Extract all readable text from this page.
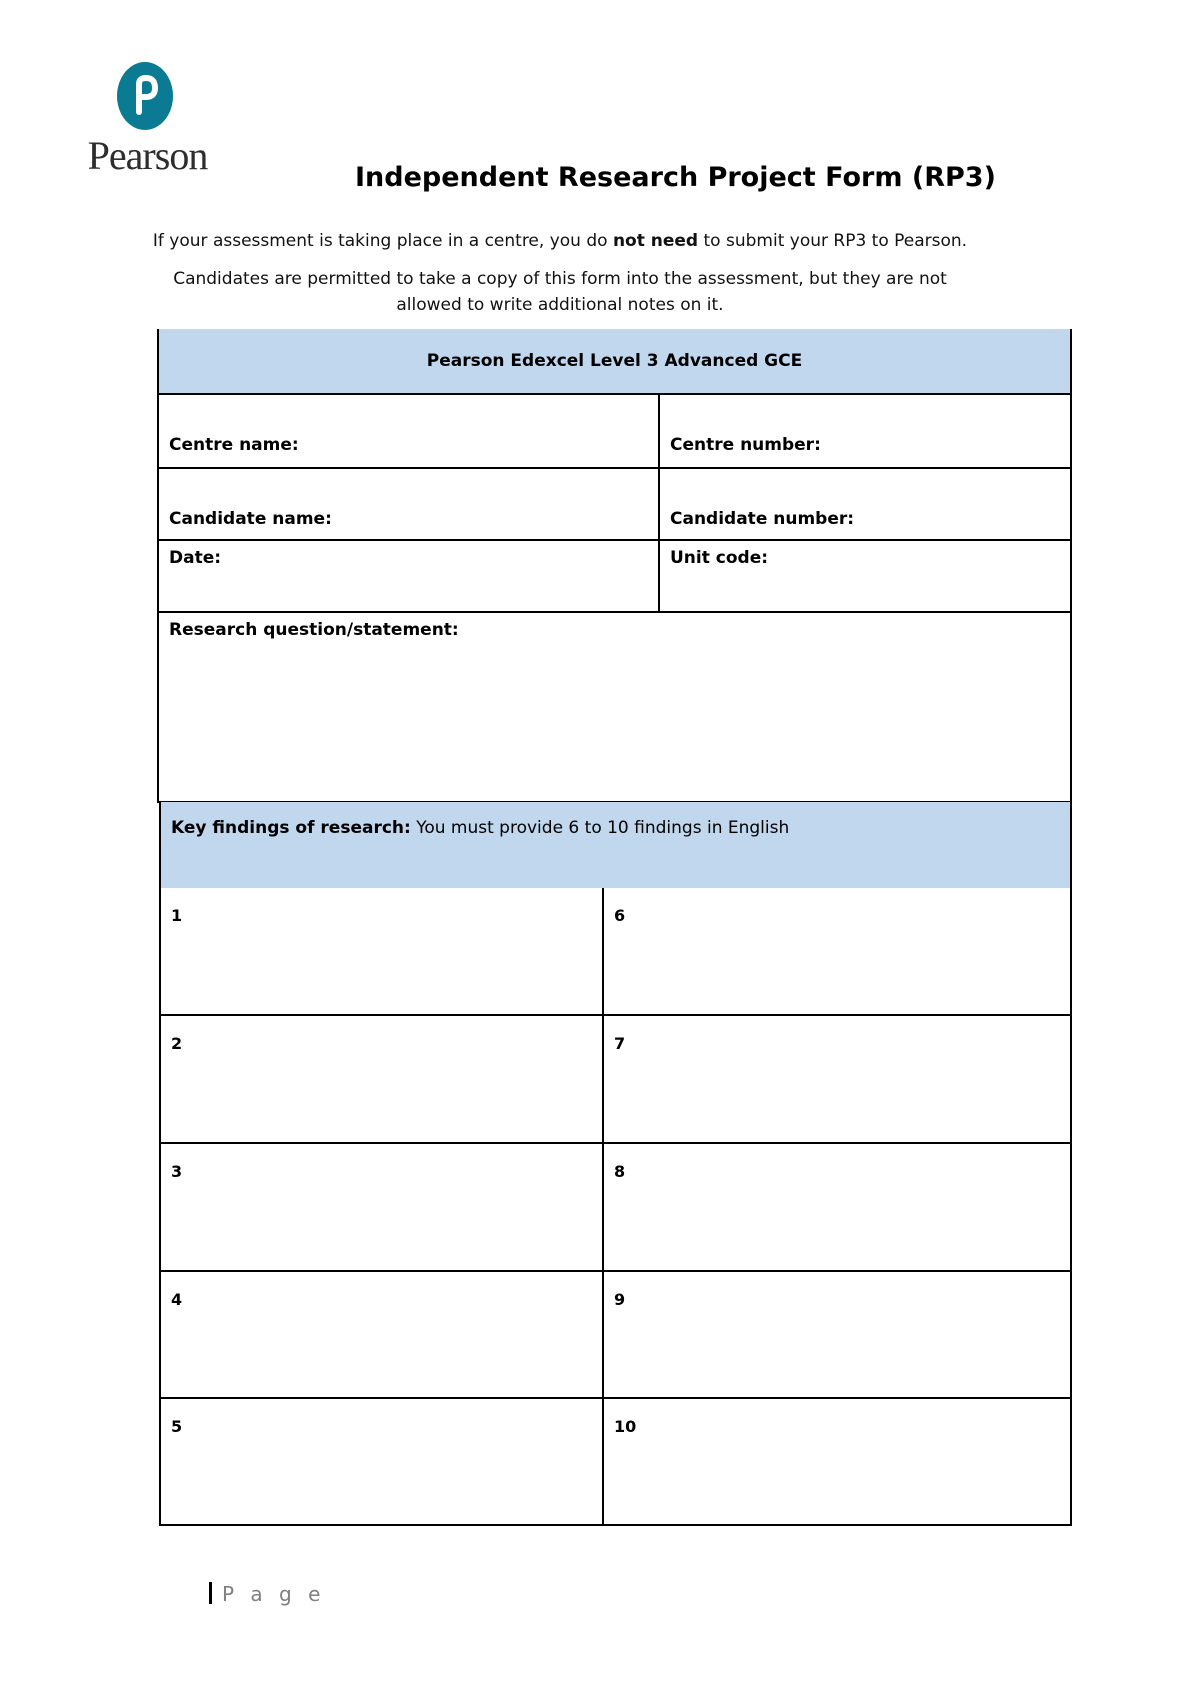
Pearson	Independent Research Project Form (RP3)
If your assessment is taking place in a centre, you do not need to submit your RP3 to Pearson.
Candidates are permitted to take a copy of this form into the assessment, but they are not allowed to write additional notes on it.
Pearson Edexcel Level 3 Advanced GCE
Centre name:	Centre number:
Candidate name:	Candidate number:
Date:	Unit code:
Research question/statement:
Key findings of research: You must provide 6 to 10 findings in English
1	6
2	7
3	8
4	9
5	10
P a g e
